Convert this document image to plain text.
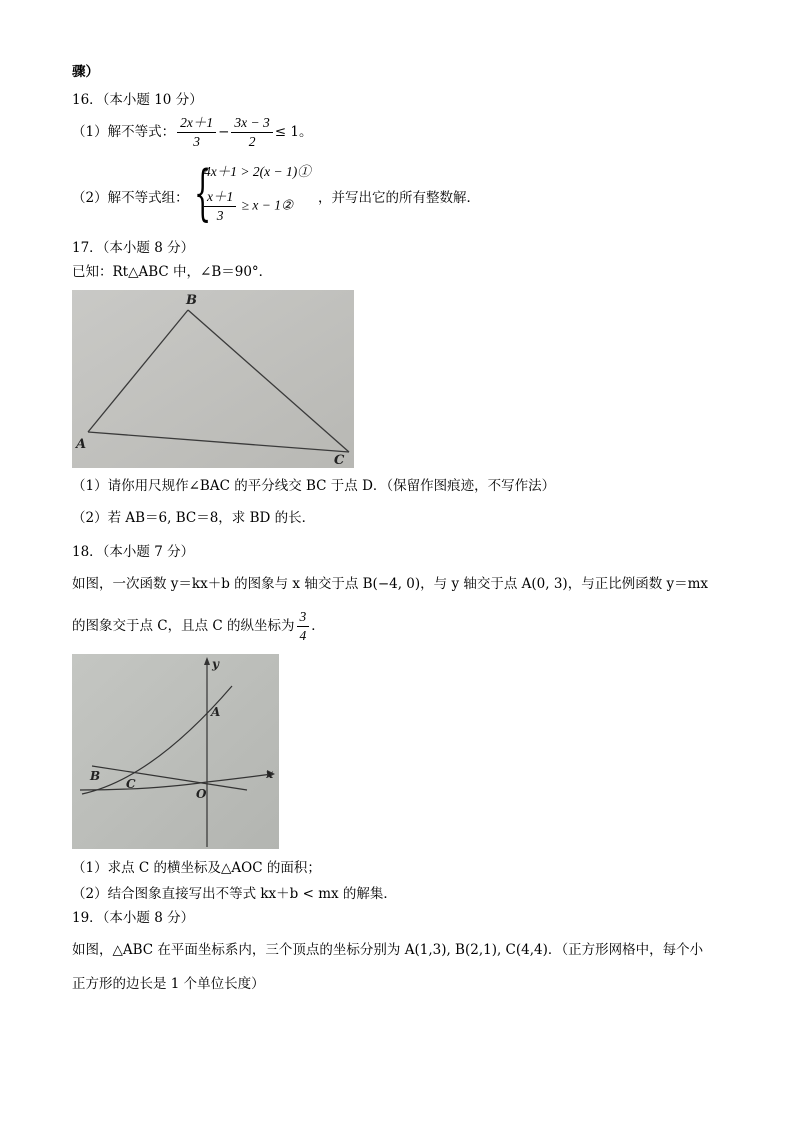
骤）
16．（本小题 10 分）
（1）解不等式： $\frac{2x+1}{3} - \frac{3x - 3}{2} \le 1$。
（2）解不等式组： {
4x＋1 > 2(x − 1)①
$\frac{x+1}{3} \ge x$ − 1② ，并写出它的所有整数解．
17．（本小题 8 分）
已知：Rt△ABC 中，∠B＝90°．
B
A
C
（1）请你用尺规作∠BAC 的平分线交 BC 于点 D．（保留作图痕迹，不写作法）
（2）若 AB＝6, BC＝8，求 BD 的长．
18．（本小题 7 分）
如图，一次函数 y＝kx＋b 的图象与 x 轴交于点 B(−4, 0)，与 y 轴交于点 A(0, 3)，与正比例函数 y＝mx
的图象交于点 C，且点 C 的纵坐标为 $\frac{3}{4}$ ．
y
x
A
B
C
O
（1）求点 C 的横坐标及△AOC 的面积；
（2）结合图象直接写出不等式 kx＋b < mx 的解集．
19．（本小题 8 分）
如图，△ABC 在平面坐标系内，三个顶点的坐标分别为 A(1,3), B(2,1), C(4,4)．（正方形网格中，每个小
正方形的边长是 1 个单位长度）
